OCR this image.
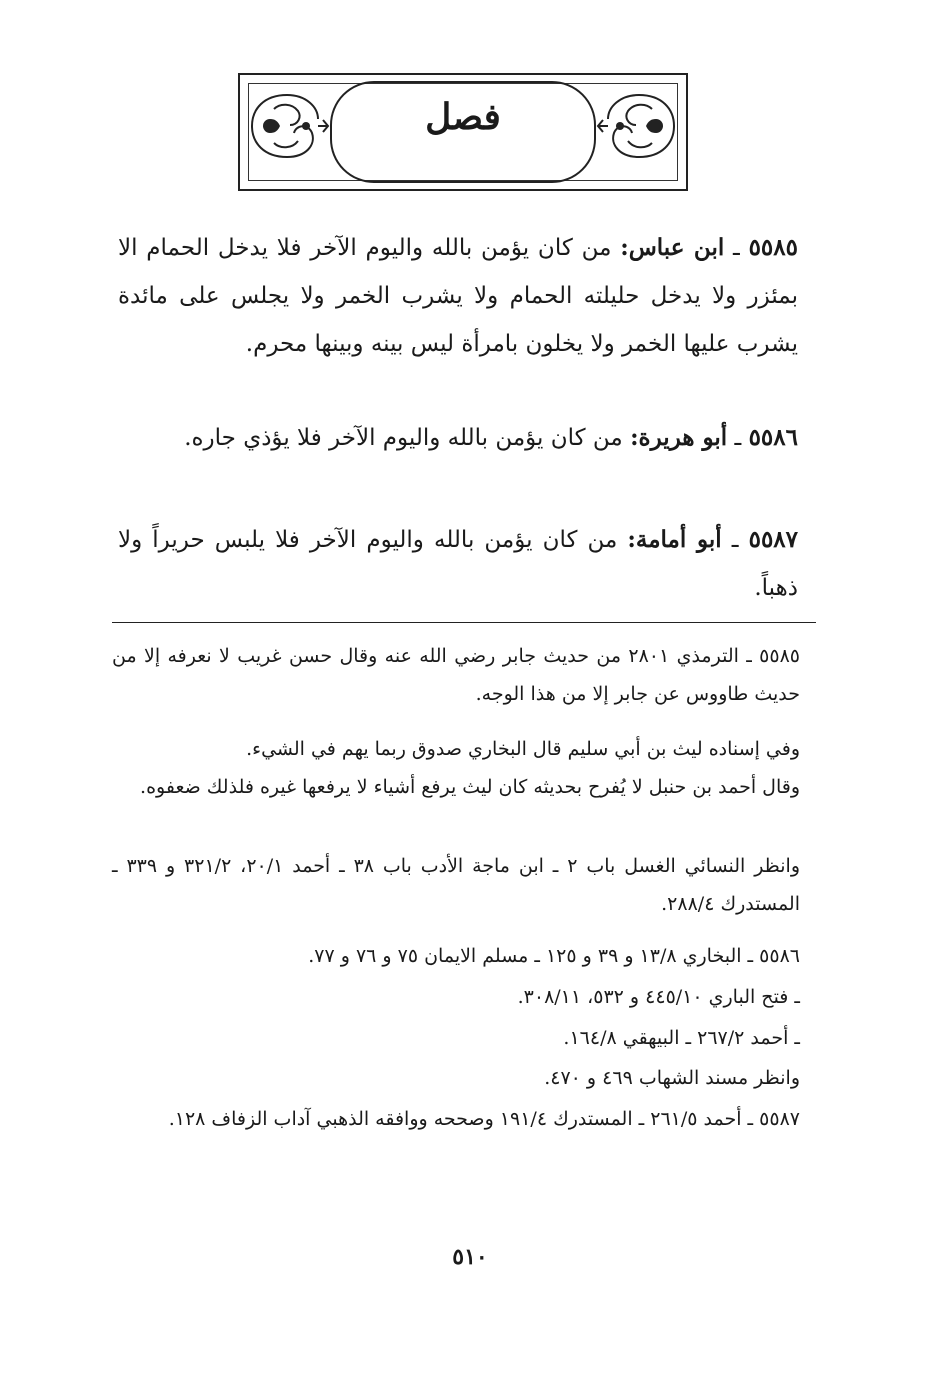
فصل

٥٥٨٥ ـ ابن عباس: من كان يؤمن بالله واليوم الآخر فلا يدخل الحمام الا بمئزر ولا يدخل حليلته الحمام ولا يشرب الخمر ولا يجلس على مائدة يشرب عليها الخمر ولا يخلون بامرأة ليس بينه وبينها محرم.

٥٥٨٦ ـ أبو هريرة: من كان يؤمن بالله واليوم الآخر فلا يؤذي جاره.

٥٥٨٧ ـ أبو أمامة: من كان يؤمن بالله واليوم الآخر فلا يلبس حريراً ولا ذهباً.

٥٥٨٥ ـ الترمذي ٢٨٠١ من حديث جابر رضي الله عنه وقال حسن غريب لا نعرفه إلا من حديث طاووس عن جابر إلا من هذا الوجه.

وفي إسناده ليث بن أبي سليم قال البخاري صدوق ربما يهم في الشيء.

وقال أحمد بن حنبل لا يُفرح بحديثه كان ليث يرفع أشياء لا يرفعها غيره فلذلك ضعفوه.

وانظر النسائي الغسل باب ٢ ـ ابن ماجة الأدب باب ٣٨ ـ أحمد ٢٠/١، ٣٢١/٢ و ٣٣٩ ـ المستدرك ٢٨٨/٤.

٥٥٨٦ ـ البخاري ١٣/٨ و ٣٩ و ١٢٥ ـ مسلم الايمان ٧٥ و ٧٦ و ٧٧.

ـ فتح الباري ٤٤٥/١٠ و ٥٣٢، ٣٠٨/١١.

ـ أحمد ٢٦٧/٢ ـ البيهقي ١٦٤/٨.

وانظر مسند الشهاب ٤٦٩ و ٤٧٠.

٥٥٨٧ ـ أحمد ٢٦١/٥ ـ المستدرك ١٩١/٤ وصححه ووافقه الذهبي آداب الزفاف ١٢٨.

٥١٠
